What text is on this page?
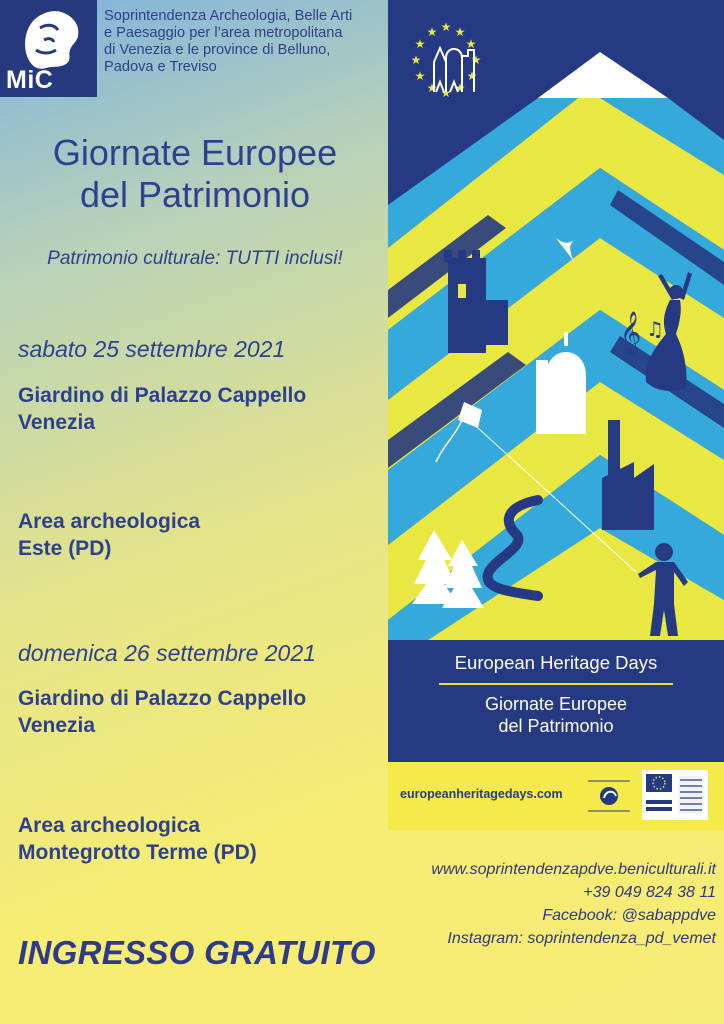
MiC
Soprintendenza Archeologia, Belle Arti
e Paesaggio per l’area metropolitana
di Venezia e le province di Belluno,
Padova e Treviso
Giornate Europee
del Patrimonio
Patrimonio culturale: TUTTI inclusi!
sabato 25 settembre 2021
Giardino di Palazzo Cappello
Venezia
Area archeologica
Este (PD)
domenica 26 settembre 2021
Giardino di Palazzo Cappello
Venezia
Area archeologica
Montegrotto Terme (PD)
www.soprintendenzapdve.beniculturali.it
+39 049 824 38 11
Facebook: @sabappdve
Instagram: soprintendenza_pd_vemet
INGRESSO GRATUITO
★ ★
★
★
★
★
★
★
★
★
★
★
𝄞 ♫
European Heritage Days
Giornate Europee
del Patrimonio
europeanheritagedays.com
